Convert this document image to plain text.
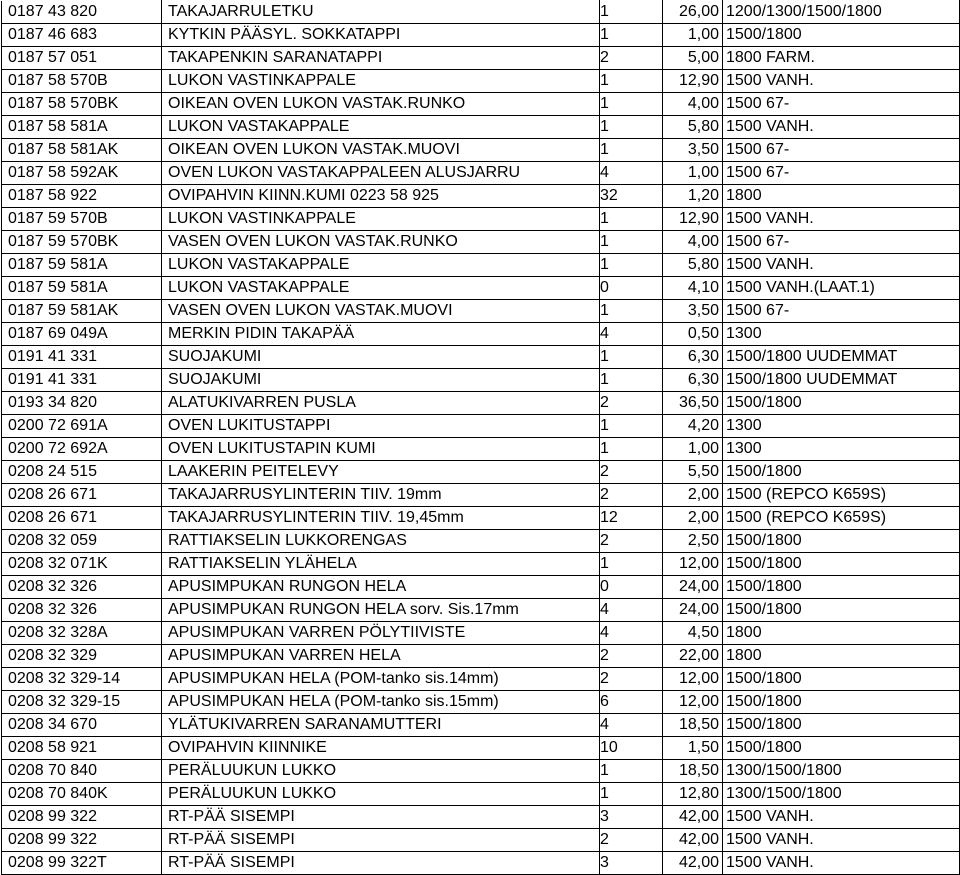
0187 43 820	TAKAJARRULETKU	1	26,00	1200/1300/1500/1800
0187 46 683	KYTKIN PÄÄSYL. SOKKATAPPI	1	1,00	1500/1800
0187 57 051	TAKAPENKIN SARANATAPPI	2	5,00	1800 FARM.
0187 58 570B	LUKON VASTINKAPPALE	1	12,90	1500 VANH.
0187 58 570BK	OIKEAN OVEN LUKON VASTAK.RUNKO	1	4,00	1500 67-
0187 58 581A	LUKON VASTAKAPPALE	1	5,80	1500 VANH.
0187 58 581AK	OIKEAN OVEN LUKON VASTAK.MUOVI	1	3,50	1500 67-
0187 58 592AK	OVEN LUKON VASTAKAPPALEEN ALUSJARRU	4	1,00	1500 67-
0187 58 922	OVIPAHVIN KIINN.KUMI 0223 58 925	32	1,20	1800
0187 59 570B	LUKON VASTINKAPPALE	1	12,90	1500 VANH.
0187 59 570BK	VASEN OVEN LUKON VASTAK.RUNKO	1	4,00	1500 67-
0187 59 581A	LUKON VASTAKAPPALE	1	5,80	1500 VANH.
0187 59 581A	LUKON VASTAKAPPALE	0	4,10	1500 VANH.(LAAT.1)
0187 59 581AK	VASEN OVEN LUKON VASTAK.MUOVI	1	3,50	1500 67-
0187 69 049A	MERKIN PIDIN TAKAPÄÄ	4	0,50	1300
0191 41 331	SUOJAKUMI	1	6,30	1500/1800 UUDEMMAT
0191 41 331	SUOJAKUMI	1	6,30	1500/1800 UUDEMMAT
0193 34 820	ALATUKIVARREN PUSLA	2	36,50	1500/1800
0200 72 691A	OVEN LUKITUSTAPPI	1	4,20	1300
0200 72 692A	OVEN LUKITUSTAPIN KUMI	1	1,00	1300
0208 24 515	LAAKERIN PEITELEVY	2	5,50	1500/1800
0208 26 671	TAKAJARRUSYLINTERIN TIIV. 19mm	2	2,00	1500 (REPCO K659S)
0208 26 671	TAKAJARRUSYLINTERIN TIIV. 19,45mm	12	2,00	1500 (REPCO K659S)
0208 32 059	RATTIAKSELIN LUKKORENGAS	2	2,50	1500/1800
0208 32 071K	RATTIAKSELIN YLÄHELA	1	12,00	1500/1800
0208 32 326	APUSIMPUKAN RUNGON HELA	0	24,00	1500/1800
0208 32 326	APUSIMPUKAN RUNGON HELA sorv. Sis.17mm	4	24,00	1500/1800
0208 32 328A	APUSIMPUKAN VARREN PÖLYTIIVISTE	4	4,50	1800
0208 32 329	APUSIMPUKAN VARREN HELA	2	22,00	1800
0208 32 329-14	APUSIMPUKAN HELA (POM-tanko sis.14mm)	2	12,00	1500/1800
0208 32 329-15	APUSIMPUKAN HELA (POM-tanko sis.15mm)	6	12,00	1500/1800
0208 34 670	YLÄTUKIVARREN SARANAMUTTERI	4	18,50	1500/1800
0208 58 921	OVIPAHVIN KIINNIKE	10	1,50	1500/1800
0208 70 840	PERÄLUUKUN LUKKO	1	18,50	1300/1500/1800
0208 70 840K	PERÄLUUKUN LUKKO	1	12,80	1300/1500/1800
0208 99 322	RT-PÄÄ SISEMPI	3	42,00	1500 VANH.
0208 99 322	RT-PÄÄ SISEMPI	2	42,00	1500 VANH.
0208 99 322T	RT-PÄÄ SISEMPI	3	42,00	1500 VANH.
